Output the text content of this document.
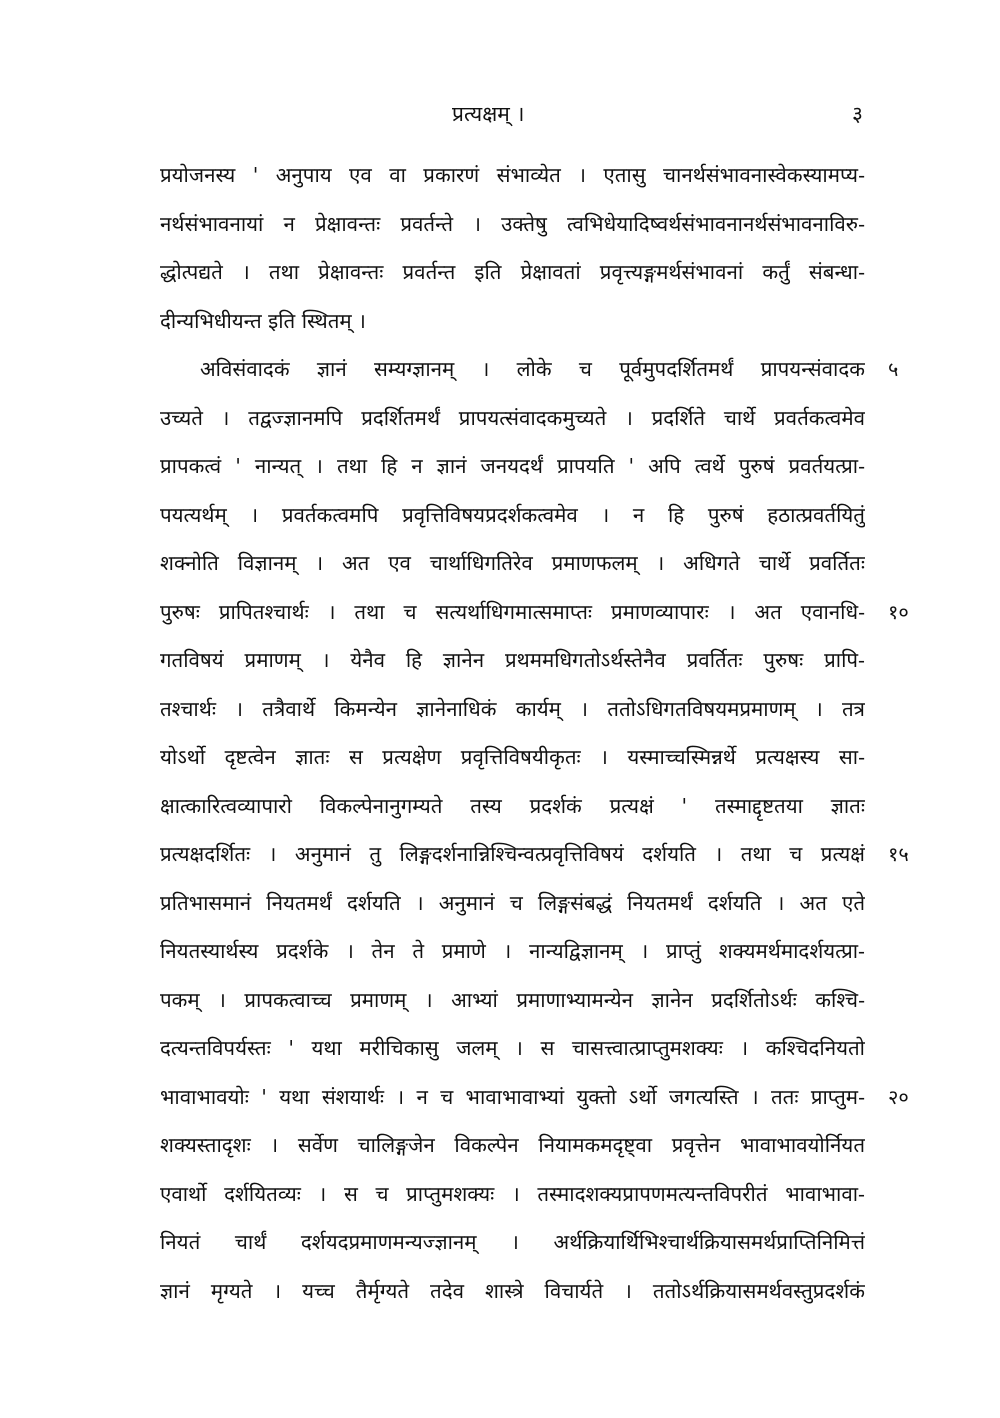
प्रत्यक्षम् ।	३
प्रयोजनस्य ' अनुपाय एव वा प्रकारणं संभाव्येत । एतासु चानर्थसंभावनास्वेकस्यामप्य-
नर्थसंभावनायां न प्रेक्षावन्तः प्रवर्तन्ते । उक्तेषु त्वभिधेयादिष्वर्थसंभावनानर्थसंभावनाविरु-
द्धोत्पद्यते । तथा प्रेक्षावन्तः प्रवर्तन्त इति प्रेक्षावतां प्रवृत्त्यङ्गमर्थसंभावनां कर्तुं संबन्धा-
दीन्यभिधीयन्त इति स्थितम् ।
अविसंवादकं ज्ञानं सम्यग्ज्ञानम् । लोके च पूर्वमुपदर्शितमर्थं प्रापयन्संवादक ५
उच्यते । तद्वज्ज्ञानमपि प्रदर्शितमर्थं प्रापयत्संवादकमुच्यते । प्रदर्शिते चार्थे प्रवर्तकत्वमेव
प्रापकत्वं ' नान्यत् । तथा हि न ज्ञानं जनयदर्थं प्रापयति ' अपि त्वर्थे पुरुषं प्रवर्तयत्प्रा-
पयत्यर्थम् । प्रवर्तकत्वमपि प्रवृत्तिविषयप्रदर्शकत्वमेव । न हि पुरुषं हठात्प्रवर्तयितुं
शक्नोति विज्ञानम् । अत एव चार्थाधिगतिरेव प्रमाणफलम् । अधिगते चार्थे प्रवर्तितः
पुरुषः प्रापितश्चार्थः । तथा च सत्यर्थाधिगमात्समाप्तः प्रमाणव्यापारः । अत एवानधि- १०
गतविषयं प्रमाणम् । येनैव हि ज्ञानेन प्रथममधिगतोऽर्थस्तेनैव प्रवर्तितः पुरुषः प्रापि-
तश्चार्थः । तत्रैवार्थे किमन्येन ज्ञानेनाधिकं कार्यम् । ततोऽधिगतविषयमप्रमाणम् । तत्र
योऽर्थो दृष्टत्वेन ज्ञातः स प्रत्यक्षेण प्रवृत्तिविषयीकृतः । यस्माच्चस्मिन्नर्थे प्रत्यक्षस्य सा-
क्षात्कारित्वव्यापारो विकल्पेनानुगम्यते तस्य प्रदर्शकं प्रत्यक्षं ' तस्माद्दृष्टतया ज्ञातः
प्रत्यक्षदर्शितः । अनुमानं तु लिङ्गदर्शनान्निश्चिन्वत्प्रवृत्तिविषयं दर्शयति । तथा च प्रत्यक्षं १५
प्रतिभासमानं नियतमर्थं दर्शयति । अनुमानं च लिङ्गसंबद्धं नियतमर्थं दर्शयति । अत एते
नियतस्यार्थस्य प्रदर्शके । तेन ते प्रमाणे । नान्यद्विज्ञानम् । प्राप्तुं शक्यमर्थमादर्शयत्प्रा-
पकम् । प्रापकत्वाच्च प्रमाणम् । आभ्यां प्रमाणाभ्यामन्येन ज्ञानेन प्रदर्शितोऽर्थः कश्चि-
दत्यन्तविपर्यस्तः ' यथा मरीचिकासु जलम् । स चासत्त्वात्प्राप्तुमशक्यः । कश्चिदनियतो
भावाभावयोः ' यथा संशयार्थः । न च भावाभावाभ्यां युक्तो ऽर्थो जगत्यस्ति । ततः प्राप्तुम- २०
शक्यस्तादृशः । सर्वेण चालिङ्गजेन विकल्पेन नियामकमदृष्ट्वा प्रवृत्तेन भावाभावयोर्नियत
एवार्थो दर्शयितव्यः । स च प्राप्तुमशक्यः । तस्मादशक्यप्रापणमत्यन्तविपरीतं भावाभावा-
नियतं चार्थं दर्शयदप्रमाणमन्यज्ज्ञानम् । अर्थक्रियार्थिभिश्चार्थक्रियासमर्थप्राप्तिनिमित्तं
ज्ञानं मृग्यते । यच्च तैर्मृग्यते तदेव शास्त्रे विचार्यते । ततोऽर्थक्रियासमर्थवस्तुप्रदर्शकं
